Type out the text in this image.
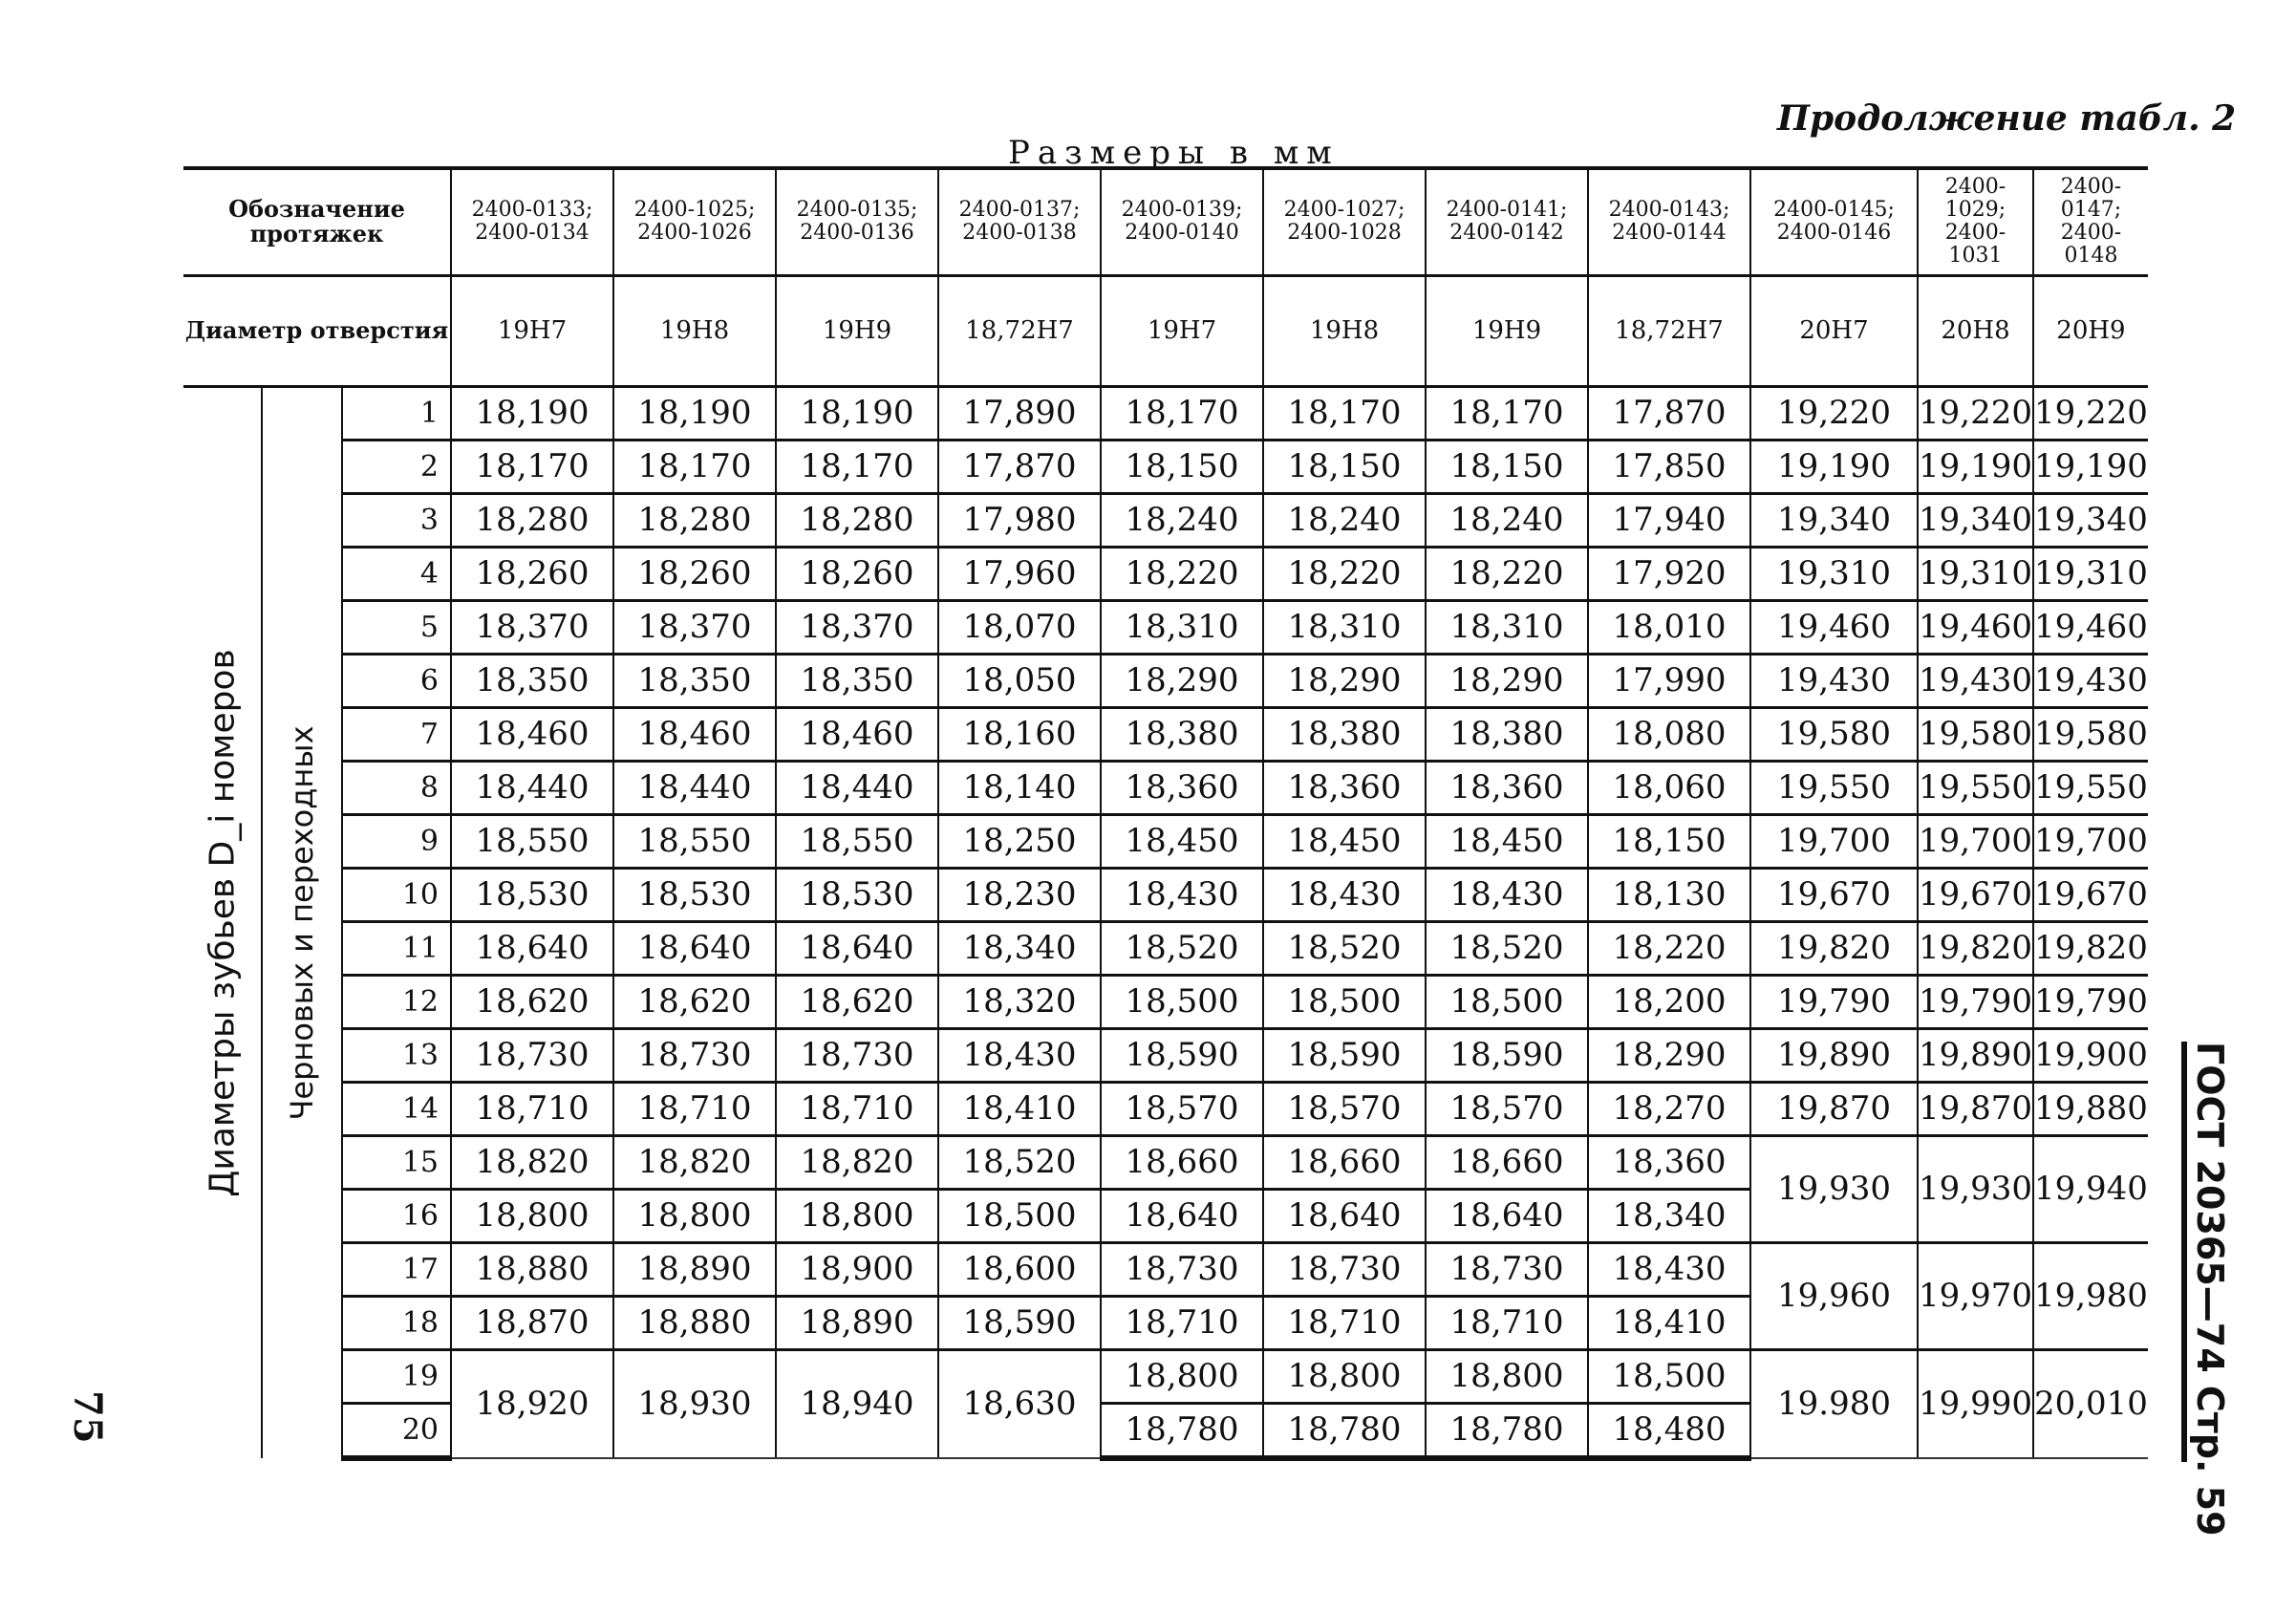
Продолжение табл. 2
Размеры в мм
75	ГОСТ 20365—74 Стр. 59
Обозначение протяжек			2400-0133; 2400-0134	2400-1025; 2400-1026	2400-0135; 2400-0136	2400-0137; 2400-0138	2400-0139; 2400-0140	2400-1027; 2400-1028	2400-0141; 2400-0142	2400-0143; 2400-0144	2400-0145; 2400-0146	2400-1029; 2400-1031	2400-0147; 2400-0148
Диаметр отверстия			19H7	19H8	19H9	18,72H7	19H7	19H8	19H9	18,72H7	20H7	20H8	20H9

Диаметры зубьев D_i номеров	Черновых и переходных	1	18,190	18,190	18,190	17,890	18,170	18,170	18,170	17,870	19,220	19,220	19,220
		2	18,170	18,170	18,170	17,870	18,150	18,150	18,150	17,850	19,190	19,190	19,190
		3	18,280	18,280	18,280	17,980	18,240	18,240	18,240	17,940	19,340	19,340	19,340
		4	18,260	18,260	18,260	17,960	18,220	18,220	18,220	17,920	19,310	19,310	19,310
		5	18,370	18,370	18,370	18,070	18,310	18,310	18,310	18,010	19,460	19,460	19,460
		6	18,350	18,350	18,350	18,050	18,290	18,290	18,290	17,990	19,430	19,430	19,430
		7	18,460	18,460	18,460	18,160	18,380	18,380	18,380	18,080	19,580	19,580	19,580
		8	18,440	18,440	18,440	18,140	18,360	18,360	18,360	18,060	19,550	19,550	19,550
		9	18,550	18,550	18,550	18,250	18,450	18,450	18,450	18,150	19,700	19,700	19,700
		10	18,530	18,530	18,530	18,230	18,430	18,430	18,430	18,130	19,670	19,670	19,670
		11	18,640	18,640	18,640	18,340	18,520	18,520	18,520	18,220	19,820	19,820	19,820
		12	18,620	18,620	18,620	18,320	18,500	18,500	18,500	18,200	19,790	19,790	19,790
		13	18,730	18,730	18,730	18,430	18,590	18,590	18,590	18,290	19,890	19,890	19,900
		14	18,710	18,710	18,710	18,410	18,570	18,570	18,570	18,270	19,870	19,870	19,880
		15	18,820	18,820	18,820	18,520	18,660	18,660	18,660	18,360	19,930	19,930	19,940
		16	18,800	18,800	18,800	18,500	18,640	18,640	18,640	18,340			
		17	18,880	18,890	18,900	18,600	18,730	18,730	18,730	18,430	19,960	19,970	19,980
		18	18,870	18,880	18,890	18,590	18,710	18,710	18,710	18,410			
		19	18,920	18,930	18,940	18,630	18,800	18,800	18,800	18,500	19.980	19,990	20,010
		20					18,780	18,780	18,780	18,480			
